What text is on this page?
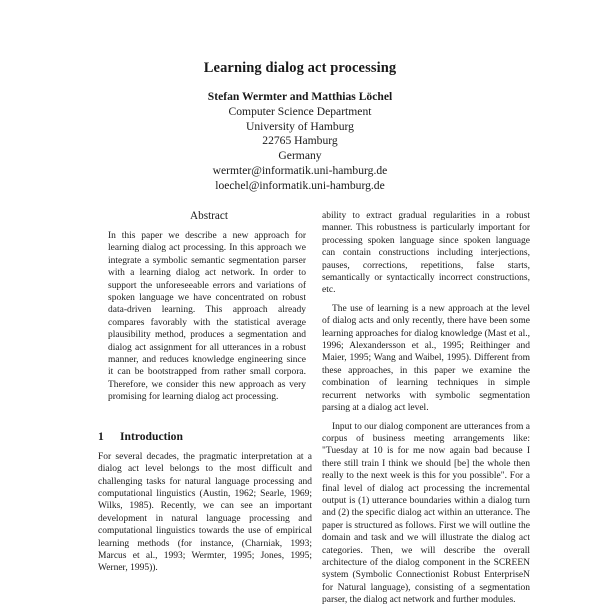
Learning dialog act processing
Stefan Wermter and Matthias Löchel
Computer Science Department
University of Hamburg
22765 Hamburg
Germany
wermter@informatik.uni-hamburg.de
loechel@informatik.uni-hamburg.de
Abstract

In this paper we describe a new approach for learning dialog act processing. In this approach we integrate a symbolic semantic segmentation parser with a learning dialog act network. In order to support the unforeseeable errors and variations of spoken language we have concentrated on robust data-driven learning. This approach already compares favorably with the statistical average plausibility method, produces a segmentation and dialog act assignment for all utterances in a robust manner, and reduces knowledge engineering since it can be bootstrapped from rather small corpora. Therefore, we consider this new approach as very promising for learning dialog act processing.

1 Introduction

For several decades, the pragmatic interpretation at a dialog act level belongs to the most difficult and challenging tasks for natural language processing and computational linguistics (Austin, 1962; Searle, 1969; Wilks, 1985). Recently, we can see an important development in natural language processing and computational linguistics towards the use of empirical learning methods (for instance, (Charniak, 1993; Marcus et al., 1993; Wermter, 1995; Jones, 1995; Werner, 1995)).

ability to extract gradual regularities in a robust manner. This robustness is particularly important for processing spoken language since spoken language can contain constructions including interjections, pauses, corrections, repetitions, false starts, semantically or syntactically incorrect constructions, etc.

The use of learning is a new approach at the level of dialog acts and only recently, there have been some learning approaches for dialog knowledge (Mast et al., 1996; Alexandersson et al., 1995; Reithinger and Maier, 1995; Wang and Waibel, 1995). Different from these approaches, in this paper we examine the combination of learning techniques in simple recurrent networks with symbolic segmentation parsing at a dialog act level.

Input to our dialog component are utterances from a corpus of business meeting arrangements like: "Tuesday at 10 is for me now again bad because I there still train I think we should [be] the whole then really to the next week is this for you possible". For a final level of dialog act processing the incremental output is (1) utterance boundaries within a dialog turn and (2) the specific dialog act within an utterance. The paper is structured as follows. First we will outline the domain and task and we will illustrate the dialog act categories. Then, we will describe the overall architecture of the dialog component in the SCREEN system (Symbolic Connectionist Robust EnterpriseN for Natural language), consisting of a segmentation parser, the dialog act network and further modules.
